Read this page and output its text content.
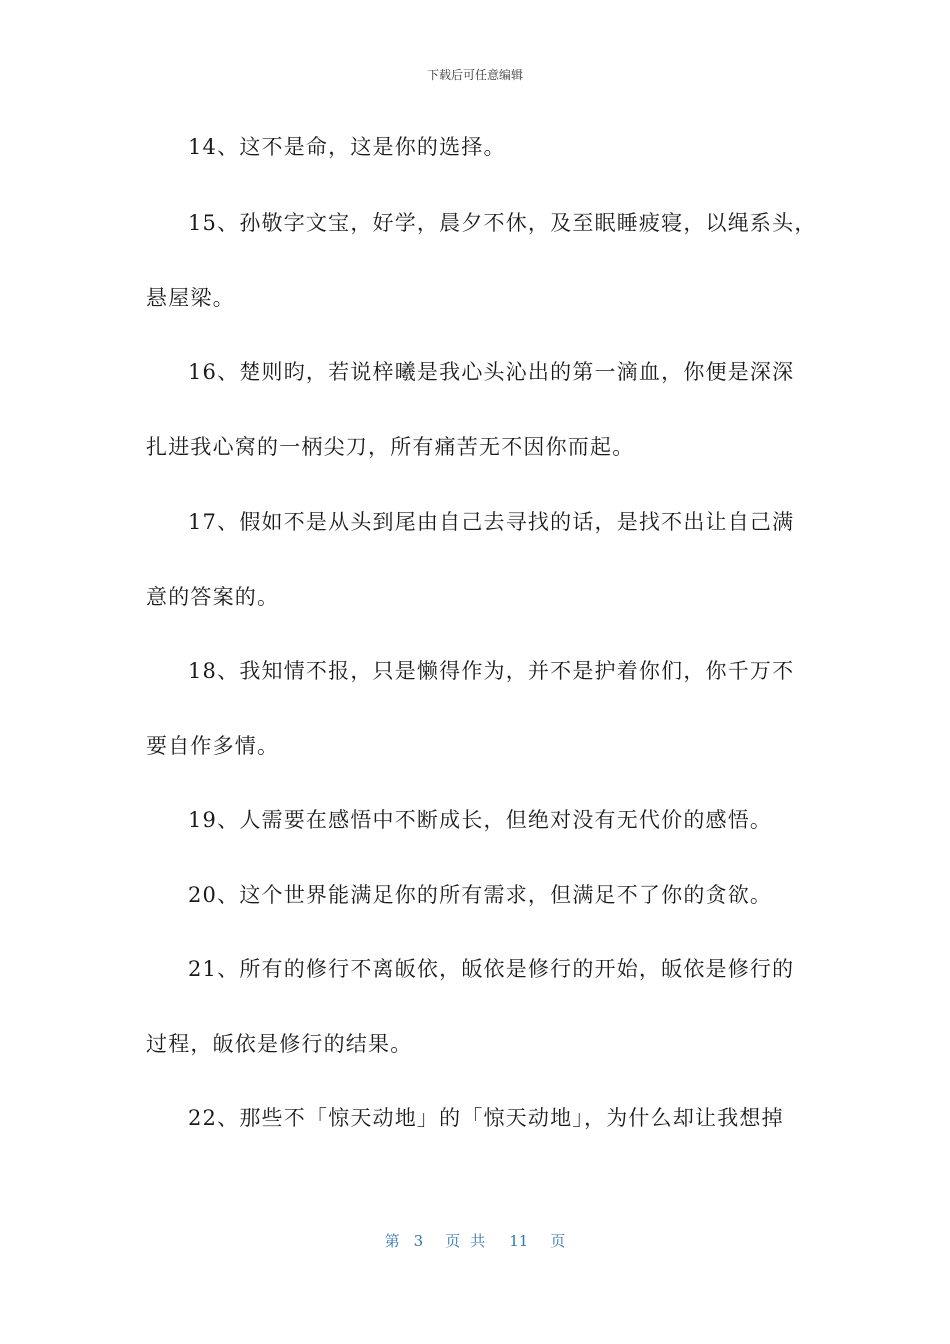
下载后可任意编辑
14、这不是命，这是你的选择。
15、孙敬字文宝，好学，晨夕不休，及至眠睡疲寝，以绳系头，
悬屋梁。
16、楚则昀，若说梓曦是我心头沁出的第一滴血，你便是深深
扎进我心窝的一柄尖刀，所有痛苦无不因你而起。
17、假如不是从头到尾由自己去寻找的话，是找不出让自己满
意的答案的。
18、我知情不报，只是懒得作为，并不是护着你们，你千万不
要自作多情。
19、人需要在感悟中不断成长，但绝对没有无代价的感悟。
20、这个世界能满足你的所有需求，但满足不了你的贪欲。
21、所有的修行不离皈依，皈依是修行的开始，皈依是修行的
过程，皈依是修行的结果。
22、那些不「惊天动地」的「惊天动地」，为什么却让我想掉
第 3 页共 11 页
